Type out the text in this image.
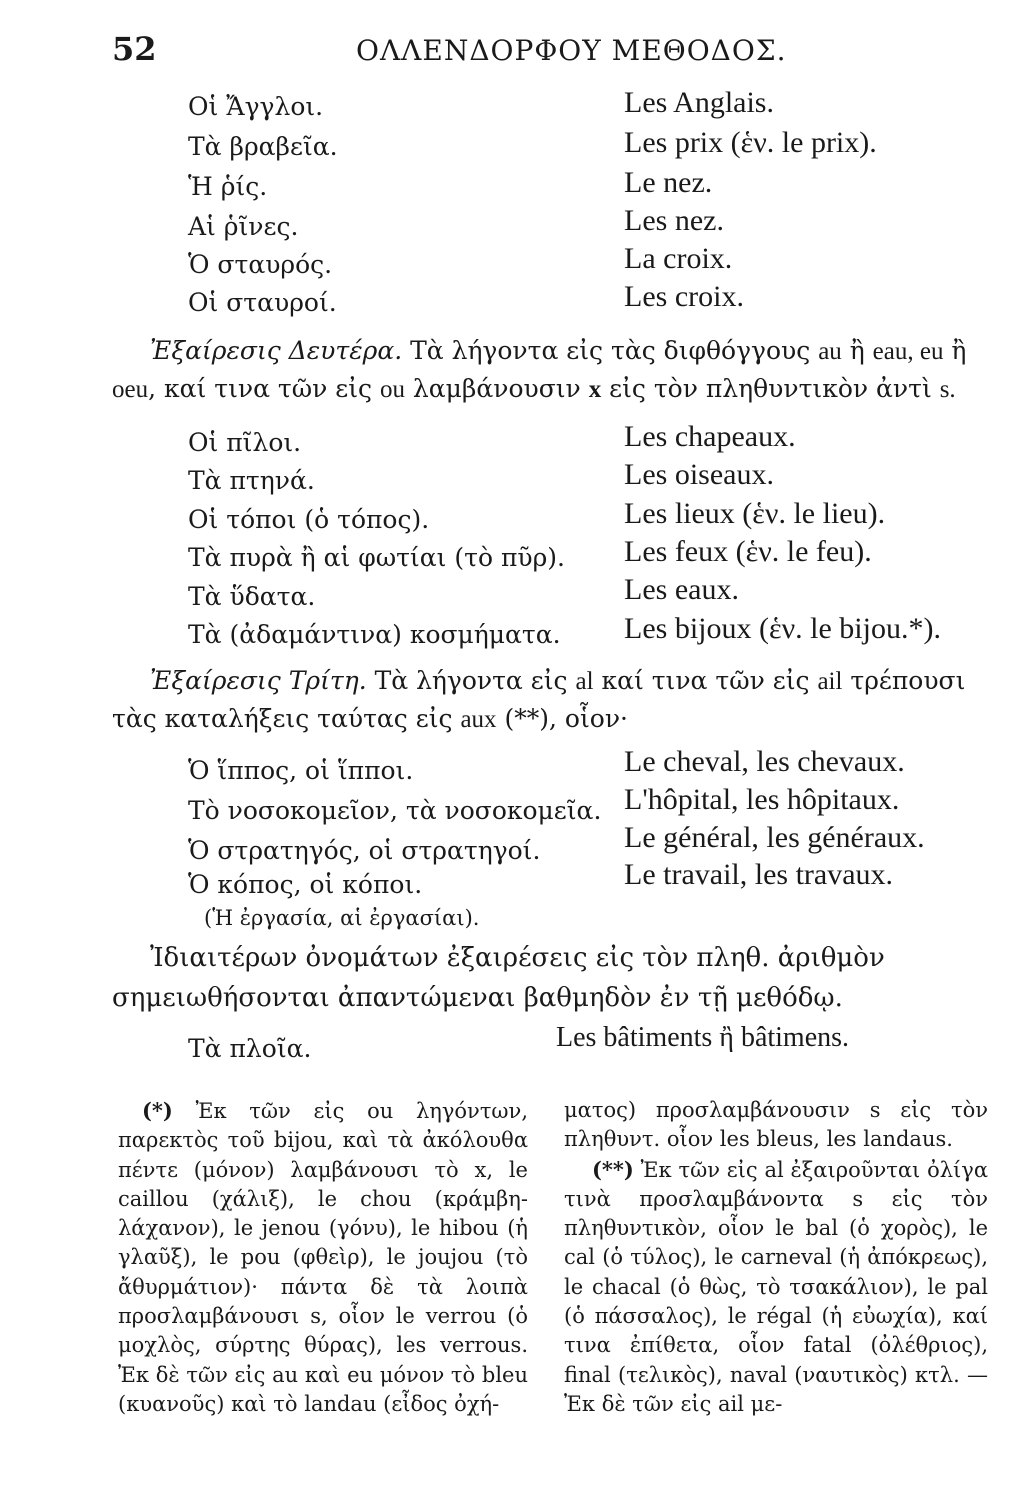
52	ΟΛΛΕΝΔΟΡΦΟΥ ΜΕΘΟΔΟΣ.
Οἱ Ἄγγλοι.	Les Anglais.
Τὰ βραβεῖα.	Les prix (ἑν. le prix).
Ἡ ῥίς.	Le nez.
Αἱ ῥῖνες.	Les nez.
Ὁ σταυρός.	La croix.
Οἱ σταυροί.	Les croix.
Ἐξαίρεσις Δευτέρα. Τὰ λήγοντα εἰς τὰς διφθόγγους au ἢ eau, eu ἢ oeu, καί τινα τῶν εἰς ou λαμβάνουσιν x εἰς τὸν πληθυντικὸν ἀντὶ s.
Οἱ πῖλοι.	Les chapeaux.
Τὰ πτηνά.	Les oiseaux.
Οἱ τόποι (ὁ τόπος).	Les lieux (ἑν. le lieu).
Τὰ πυρὰ ἢ αἱ φωτίαι (τὸ πῦρ). Les feux (ἑν. le feu).
Τὰ ὕδατα.	Les eaux.
Τὰ (ἀδαμάντινα) κοσμήματα. Les bijoux (ἑν. le bijou.*).
Ἐξαίρεσις Τρίτη. Τὰ λήγοντα εἰς al καί τινα τῶν εἰς ail τρέπουσι τὰς καταλήξεις ταύτας εἰς aux (**), οἷον·
Ὁ ἵππος, οἱ ἵπποι.	Le cheval, les chevaux.
Τὸ νοσοκομεῖον, τὰ νοσοκομεῖα. L'hôpital, les hôpitaux.
Ὁ στρατηγός, οἱ στρατηγοί.	Le général, les généraux.
Ὁ κόπος, οἱ κόποι.	Le travail, les travaux.
(Ἡ ἐργασία, αἱ ἐργασίαι).
Ἰδιαιτέρων ὀνομάτων ἐξαιρέσεις εἰς τὸν πληθ. ἀριθμὸν σημειωθήσονται ἀπαντώμεναι βαθμηδὸν ἐν τῇ μεθόδῳ.
Τὰ πλοῖα.	Les bâtiments ἢ bâtimens.

(*) Ἐκ τῶν εἰς ou ληγόντων, παρεκτὸς τοῦ bijou, καὶ τὰ ἀκόλουθα πέντε (μόνον) λαμβάνουσι τὸ x, le caillou (χάλιξ), le chou (κράμβη-λάχανον), le jenou (γόνυ), le hibou (ἡ γλαῦξ), le pou (φθεὶρ), le joujou (τὸ ἄθυρμάτιον)· πάντα δὲ τὰ λοιπὰ προσλαμβάνουσι s, οἷον le verrou (ὁ μοχλὸς, σύρτης θύρας), les verrous. Ἐκ δὲ τῶν εἰς au καὶ eu μόνον τὸ bleu (κυανοῦς) καὶ τὸ landau (εἶδος ὀχή-

ματος) προσλαμβάνουσιν s εἰς τὸν πληθυντ. οἷον les bleus, les landaus.

(**) Ἐκ τῶν εἰς al ἐξαιροῦνται ὀλίγα τινὰ προσλαμβάνοντα s εἰς τὸν πληθυντικὸν, οἷον le bal (ὁ χορὸς), le cal (ὁ τύλος), le carneval (ἡ ἀπόκρεως), le chacal (ὁ θὼς, τὸ τσακάλιον), le pal (ὁ πάσσαλος), le régal (ἡ εὐωχία), καί τινα ἐπίθετα, οἷον fatal (ὀλέθριος), final (τελικὸς), naval (ναυτικὸς) κτλ. — Ἐκ δὲ τῶν εἰς ail με-
